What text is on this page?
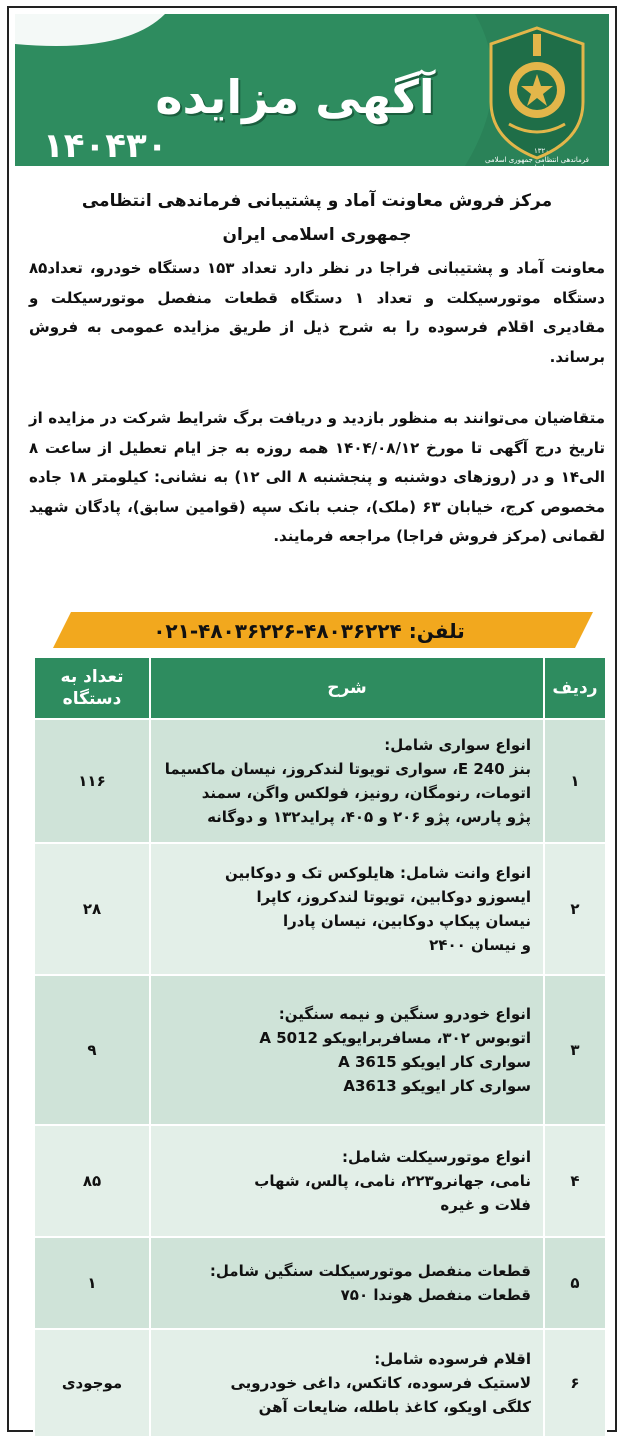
۱۳۲۰
فرماندهی انتظامی جمهوری اسلامی ایران
آگهی مزایده
۱۴۰۴۳۰
مرکز فروش معاونت آماد و پشتیبانی فرماندهی انتظامی
جمهوری اسلامی ایران
معاونت آماد و پشتیبانی فراجا در نظر دارد تعداد ۱۵۳ دستگاه خودرو، تعداد۸۵ دستگاه موتورسیکلت و تعداد ۱ دستگاه قطعات منفصل موتورسیکلت و مقادیری اقلام فرسوده را به شرح ذیل از طریق مزایده عمومی به فروش برساند.
متقاضیان می‌توانند به منظور بازدید و دریافت برگ شرایط شرکت در مزایده از تاریخ درج آگهی تا مورخ ۱۴۰۴/۰۸/۱۲ همه روزه به جز ایام تعطیل از ساعت ۸ الی۱۴ و در (روزهای دوشنبه و پنجشنبه ۸ الی ۱۲) به نشانی: کیلومتر ۱۸ جاده مخصوص کرج، خیابان ۶۳ (ملک)، جنب بانک سپه (قوامین سابق)، پادگان شهید لقمانی (مرکز فروش فراجا) مراجعه فرمایند.
تلفن: ۴۸۰۳۶۲۲۴-۴۸۰۳۶۲۲۶-۰۲۱
ردیف	شرح	تعداد به دستگاه
۱	انواع سواری شامل:
بنز E 240، سواری تویوتا لندکروز، نیسان ماکسیما
اتومات، رنومگان، رونیز، فولکس واگن، سمند
پژو پارس، پژو ۲۰۶ و ۴۰۵، پراید۱۳۲ و دوگانه	۱۱۶
۲	انواع وانت شامل: هایلوکس تک و دوکابین
ایسوزو دوکابین، تویوتا لندکروز، کاپرا
نیسان پیکاپ دوکابین، نیسان پادرا
و نیسان ۲۴۰۰	۲۸
۳	انواع خودرو سنگین و نیمه سنگین:
اتوبوس ۳۰۲، مسافربرایویکو A 5012
سواری کار ایویکو A 3615
سواری کار ایویکو A3613	۹
۴	انواع موتورسیکلت شامل:
نامی، جهانرو۲۲۳، نامی، پالس، شهاب
فلات و غیره	۸۵
۵	قطعات منفصل موتورسیکلت سنگین شامل:
قطعات منفصل هوندا ۷۵۰	۱
۶	اقلام فرسوده شامل:
لاستیک فرسوده، کاتکس، داغی خودرویی
کلگی اویکو، کاغذ باطله، ضایعات آهن	موجودی
